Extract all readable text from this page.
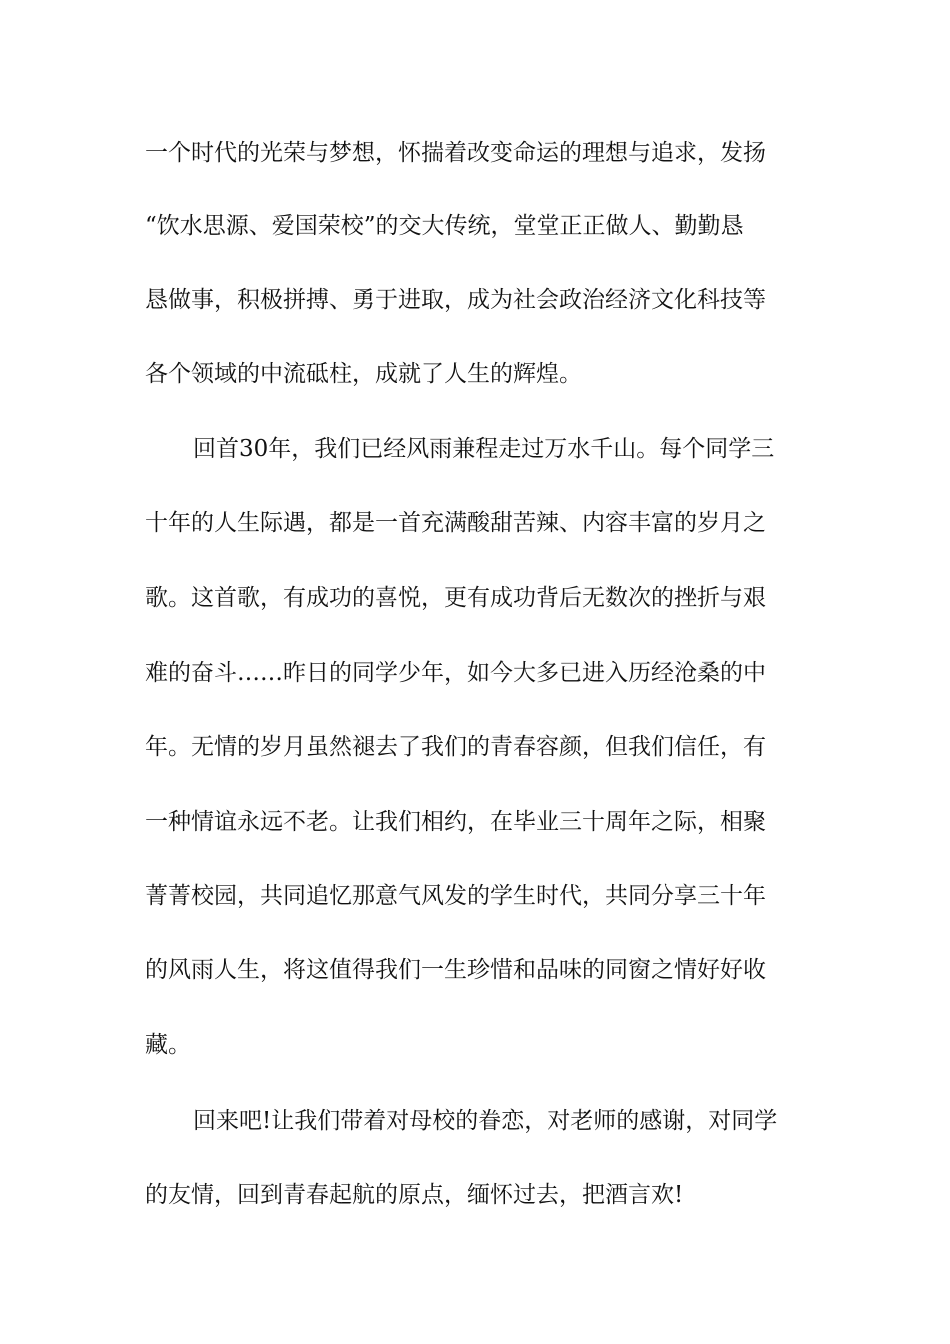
一个时代的光荣与梦想，怀揣着改变命运的理想与追求，发扬
“饮水思源、爱国荣校”的交大传统，堂堂正正做人、勤勤恳
恳做事，积极拼搏、勇于进取，成为社会政治经济文化科技等
各个领域的中流砥柱，成就了人生的辉煌。
回首30年，我们已经风雨兼程走过万水千山。每个同学三
十年的人生际遇，都是一首充满酸甜苦辣、内容丰富的岁月之
歌。这首歌，有成功的喜悦，更有成功背后无数次的挫折与艰
难的奋斗……昨日的同学少年，如今大多已进入历经沧桑的中
年。无情的岁月虽然褪去了我们的青春容颜，但我们信任，有
一种情谊永远不老。让我们相约，在毕业三十周年之际，相聚
菁菁校园，共同追忆那意气风发的学生时代，共同分享三十年
的风雨人生，将这值得我们一生珍惜和品味的同窗之情好好收
藏。
回来吧!让我们带着对母校的眷恋，对老师的感谢，对同学
的友情，回到青春起航的原点，缅怀过去，把酒言欢!
